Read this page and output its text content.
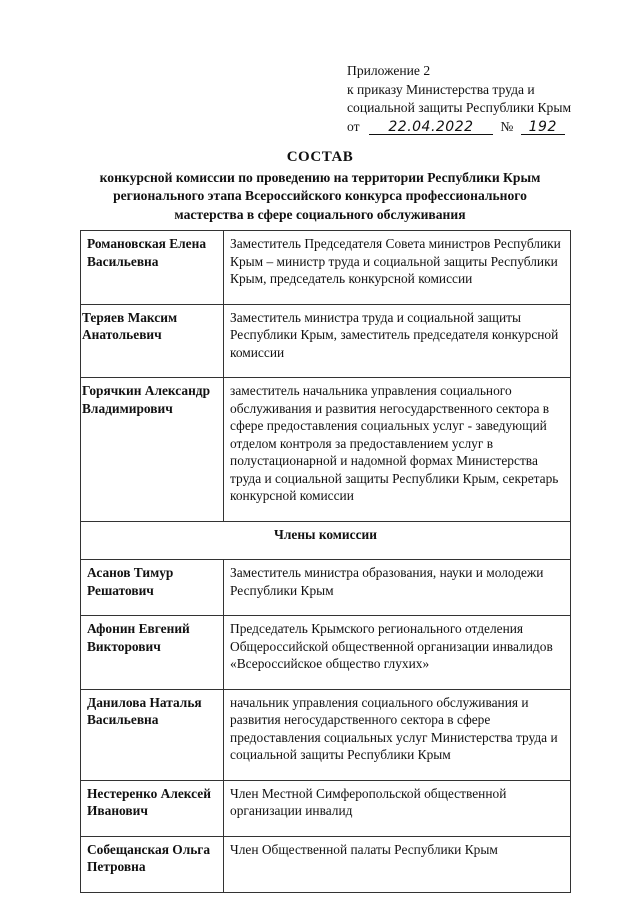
Приложение 2
к приказу Министерства труда и
социальной защиты Республики Крым
от 22.04.2022 № 192
СОСТАВ
конкурсной комиссии по проведению на территории Республики Крым
регионального этапа Всероссийского конкурса профессионального
мастерства в сфере социального обслуживания
Романовская Елена Васильевна	Заместитель Председателя Совета министров Республики Крым – министр труда и социальной защиты Республики Крым, председатель конкурсной комиссии
Теряев Максим Анатольевич	Заместитель министра труда и социальной защиты Республики Крым, заместитель председателя конкурсной комиссии
Горячкин Александр Владимирович	заместитель начальника управления социального обслуживания и развития негосударственного сектора в сфере предоставления социальных услуг - заведующий отделом контроля за предоставлением услуг в полустационарной и надомной формах Министерства труда и социальной защиты Республики Крым, секретарь конкурсной комиссии
Члены комиссии	
Асанов Тимур Решатович	Заместитель министра образования, науки и молодежи Республики Крым
Афонин Евгений Викторович	Председатель Крымского регионального отделения Общероссийской общественной организации инвалидов «Всероссийское общество глухих»
Данилова Наталья Васильевна	начальник управления социального обслуживания и развития негосударственного сектора в сфере предоставления социальных услуг Министерства труда и социальной защиты Республики Крым
Нестеренко Алексей Иванович	Член Местной Симферопольской общественной организации инвалид
Собещанская Ольга Петровна	Член Общественной палаты Республики Крым
